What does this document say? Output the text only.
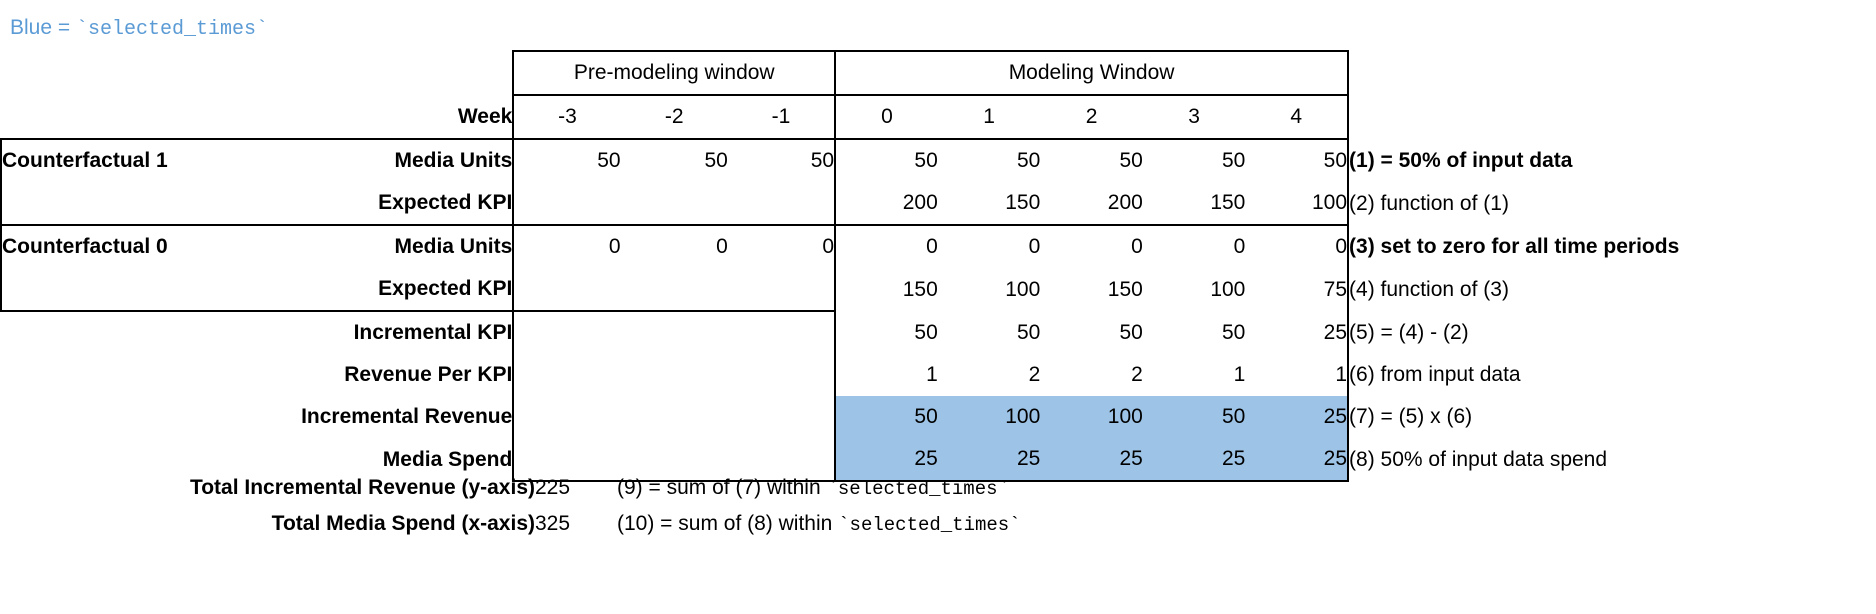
Blue = `selected_times`
		Pre-modeling window			Modeling Window					
	Week	-3	-2	-1	0	1	2	3	4	
Counterfactual 1	Media Units	50	50	50	50	50	50	50	50	(1) = 50% of input data
	Expected KPI				200	150	200	150	100	(2) function of (1)
Counterfactual 0	Media Units	0	0	0	0	0	0	0	0	(3) set to zero for all time periods
	Expected KPI				150	100	150	100	75	(4) function of (3)
	Incremental KPI				50	50	50	50	25	(5) = (4) - (2)
	Revenue Per KPI				1	2	2	1	1	(6) from input data
	Incremental Revenue				50	100	100	50	25	(7) = (5) x (6)
	Media Spend				25	25	25	25	25	(8) 50% of input data spend
Total Incremental Revenue (y-axis)	225	(9) = sum of (7) within `selected_times`
Total Media Spend (x-axis)	325	(10) = sum of (8) within `selected_times`
